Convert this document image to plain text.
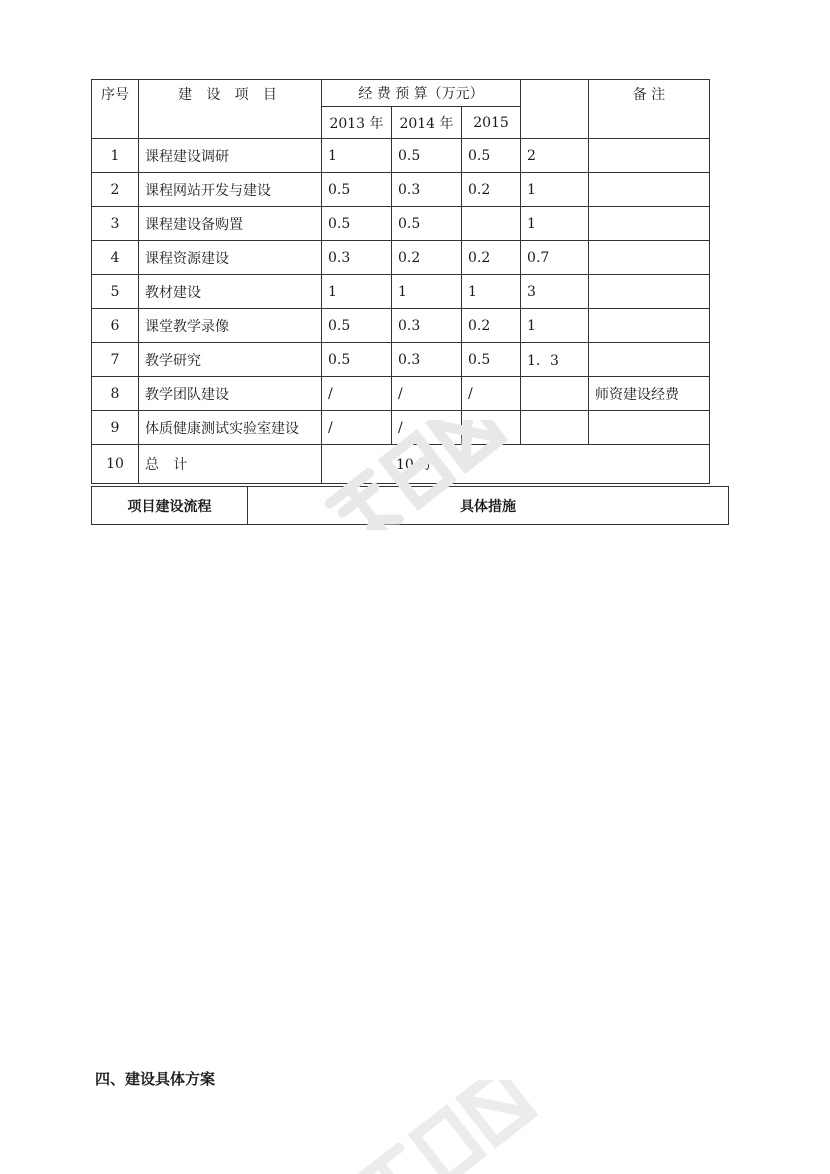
序号	建 设 项 目	经 费 预 算（万元）				备 注
		2013 年	2014 年	2015		
1	课程建设调研	1	0.5	0.5	2	
2	课程网站开发与建设	0.5	0.3	0.2	1	
3	课程建设备购置	0.5	0.5		1	
4	课程资源建设	0.3	0.2	0.2	0.7	
5	教材建设	1	1	1	3	
6	课堂教学录像	0.5	0.3	0.2	1	
7	教学研究	0.5	0.3	0.5	1．3	
8	教学团队建设	/	/	/		师资建设经费
9	体质健康测试实验室建设	/	/	/		
10	总 计	10 万				
项目建设流程	具体措施
四、建设具体方案
